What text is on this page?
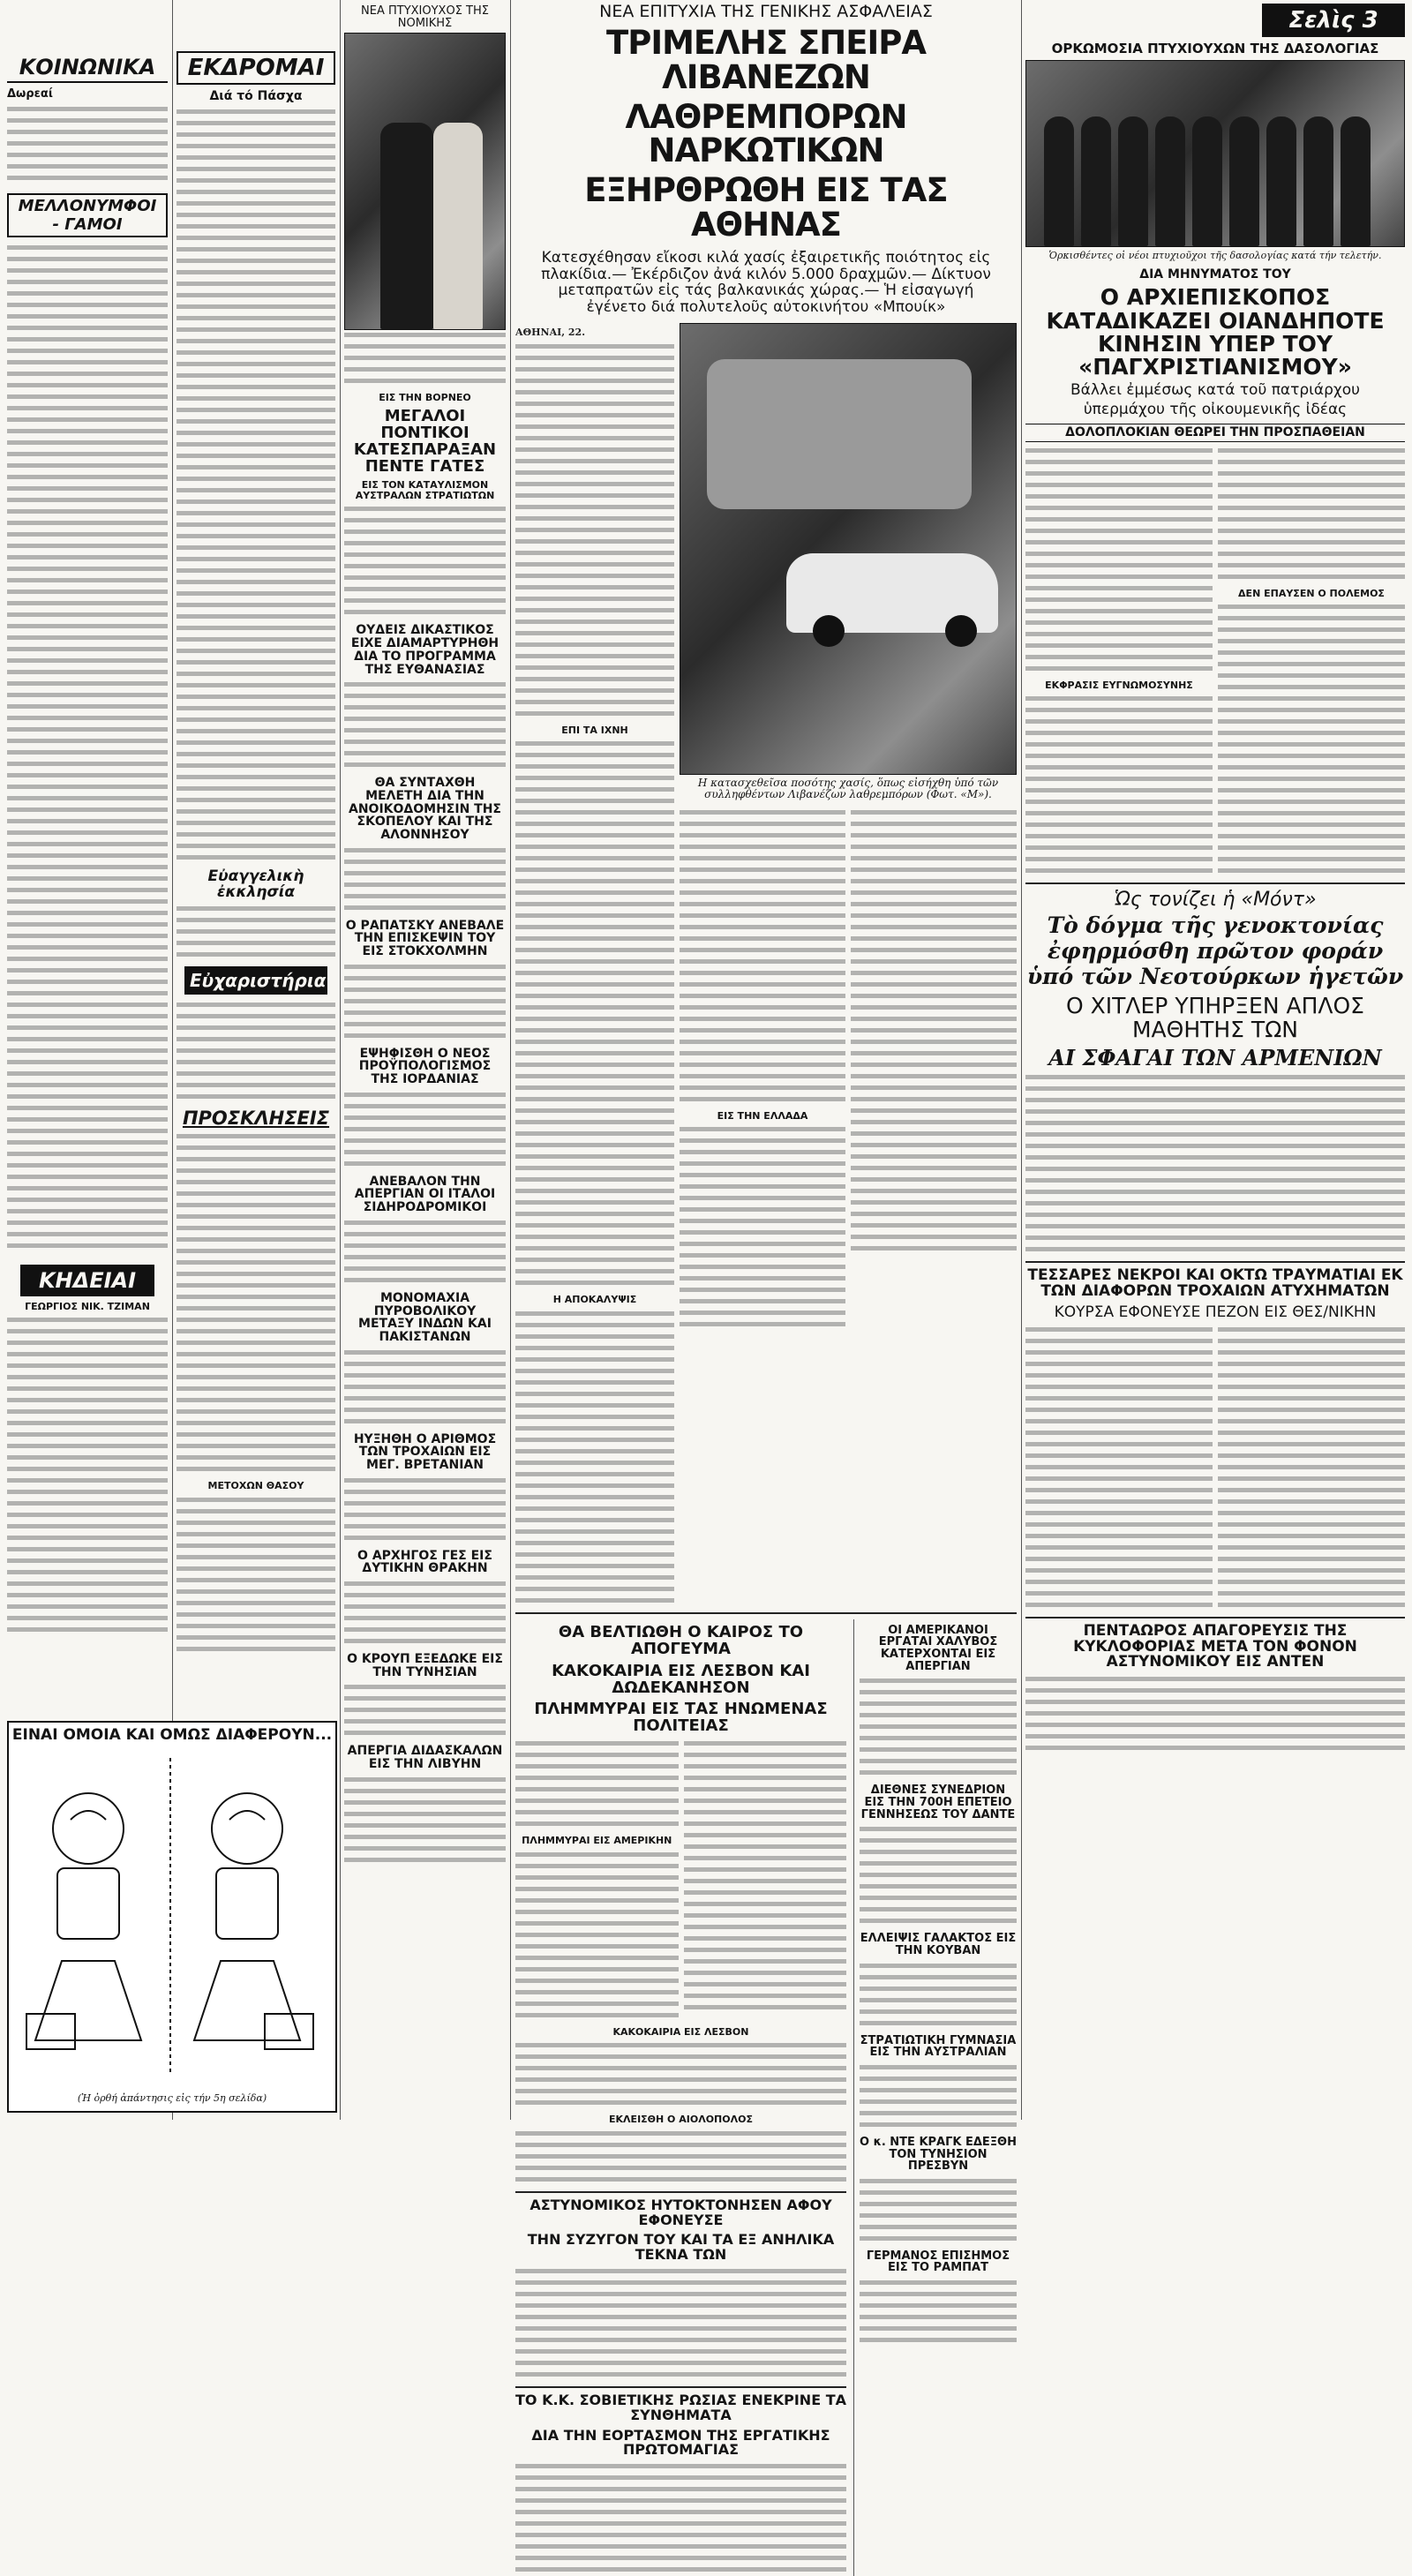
ΚΟΙΝΩΝΙΚΑ
Δωρεαί
ΜΕΛΛΟΝΥΜΦΟΙ - ΓΑΜΟΙ
ΚΗΔΕΙΑΙ
ΓΕΩΡΓΙΟΣ ΝΙΚ. ΤΖΙΜΑΝ
ΕΚΔΡΟΜΑΙ
Διά τό Πάσχα
Εὐαγγελικὴ ἐκκλησία
Εὐχαριστήρια
ΠΡΟΣΚΛΗΣΕΙΣ
ΜΕΤΟΧΩΝ ΘΑΣΟΥ
ΕΙΝΑΙ ΟΜΟΙΑ ΚΑΙ ΟΜΩΣ ΔΙΑΦΕΡΟΥΝ...
(Ἡ ὀρθή ἀπάντησις εἰς τήν 5η σελίδα)
ΝΕΑ ΠΤΥΧΙΟΥΧΟΣ ΤΗΣ ΝΟΜΙΚΗΣ
ΕΙΣ ΤΗΝ ΒΟΡΝΕΟ
ΜΕΓΑΛΟΙ ΠΟΝΤΙΚΟΙ ΚΑΤΕΣΠΑΡΑΞΑΝ ΠΕΝΤΕ ΓΑΤΕΣ
ΕΙΣ ΤΟΝ ΚΑΤΑΥΛΙΣΜΟΝ ΑΥΣΤΡΑΛΩΝ ΣΤΡΑΤΙΩΤΩΝ
ΟΥΔΕΙΣ ΔΙΚΑΣΤΙΚΟΣ ΕΙΧΕ ΔΙΑΜΑΡΤΥΡΗΘΗ ΔΙΑ ΤΟ ΠΡΟΓΡΑΜΜΑ ΤΗΣ ΕΥΘΑΝΑΣΙΑΣ
ΘΑ ΣΥΝΤΑΧΘΗ ΜΕΛΕΤΗ ΔΙΑ ΤΗΝ ΑΝΟΙΚΟΔΟΜΗΣΙΝ ΤΗΣ ΣΚΟΠΕΛΟΥ ΚΑΙ ΤΗΣ ΑΛΟΝΝΗΣΟΥ
Ο ΡΑΠΑΤΣΚΥ ΑΝΕΒΑΛΕ ΤΗΝ ΕΠΙΣΚΕΨΙΝ ΤΟΥ ΕΙΣ ΣΤΟΚΧΟΛΜΗΝ
ΕΨΗΦΙΣΘΗ Ο ΝΕΟΣ ΠΡΟΫΠΟΛΟΓΙΣΜΟΣ ΤΗΣ ΙΟΡΔΑΝΙΑΣ
ΑΝΕΒΑΛΟΝ ΤΗΝ ΑΠΕΡΓΙΑΝ ΟΙ ΙΤΑΛΟΙ ΣΙΔΗΡΟΔΡΟΜΙΚΟΙ
ΜΟΝΟΜΑΧΙΑ ΠΥΡΟΒΟΛΙΚΟΥ ΜΕΤΑΞΥ ΙΝΔΩΝ ΚΑΙ ΠΑΚΙΣΤΑΝΩΝ
ΗΥΞΗΘΗ Ο ΑΡΙΘΜΟΣ ΤΩΝ ΤΡΟΧΑΙΩΝ ΕΙΣ ΜΕΓ. ΒΡΕΤΑΝΙΑΝ
Ο ΑΡΧΗΓΟΣ ΓΕΣ ΕΙΣ ΔΥΤΙΚΗΝ ΘΡΑΚΗΝ
Ο ΚΡΟΥΠ ΕΞΕΔΩΚΕ ΕΙΣ ΤΗΝ ΤΥΝΗΣΙΑΝ
ΑΠΕΡΓΙΑ ΔΙΔΑΣΚΑΛΩΝ ΕΙΣ ΤΗΝ ΛΙΒΥΗΝ
ΝΕΑ ΕΠΙΤΥΧΙΑ ΤΗΣ ΓΕΝΙΚΗΣ ΑΣΦΑΛΕΙΑΣ
ΤΡΙΜΕΛΗΣ ΣΠΕΙΡΑ ΛΙΒΑΝΕΖΩΝ
ΛΑΘΡΕΜΠΟΡΩΝ ΝΑΡΚΩΤΙΚΩΝ
ΕΞΗΡΘΡΩΘΗ ΕΙΣ ΤΑΣ ΑΘΗΝΑΣ
Κατεσχέθησαν εἴκοσι κιλά χασίς ἐξαιρετικῆς ποιότητος εἰς πλακίδια.— Ἐκέρδιζον ἀνά κιλόν 5.000 δραχμῶν.— Δίκτυον μεταπρατῶν εἰς τάς βαλκανικάς χώρας.— Ἡ εἰσαγωγή ἐγένετο διά πολυτελοῦς αὐτοκινήτου «Μπουίκ»
ΑΘΗΝΑΙ, 22.
ΕΠΙ ΤΑ ΙΧΝΗ
Η ΑΠΟΚΑΛΥΨΙΣ
Η κατασχεθεῖσα ποσότης χασίς, ὅπως εἰσήχθη ὑπό τῶν συλληφθέντων Λιβανέζων λαθρεμπόρων (Φωτ. «Μ»).
ΕΙΣ ΤΗΝ ΕΛΛΑΔΑ
ΘΑ ΒΕΛΤΙΩΘΗ Ο ΚΑΙΡΟΣ ΤΟ ΑΠΟΓΕΥΜΑ
ΚΑΚΟΚΑΙΡΙΑ ΕΙΣ ΛΕΣΒΟΝ ΚΑΙ ΔΩΔΕΚΑΝΗΣΟΝ
ΠΛΗΜΜΥΡΑΙ ΕΙΣ ΤΑΣ ΗΝΩΜΕΝΑΣ ΠΟΛΙΤΕΙΑΣ
ΠΛΗΜΜΥΡΑΙ ΕΙΣ ΑΜΕΡΙΚΗΝ
ΚΑΚΟΚΑΙΡΙΑ ΕΙΣ ΛΕΣΒΟΝ
ΕΚΛΕΙΣΘΗ Ο ΑΙΟΛΟΠΟΛΟΣ
ΑΣΤΥΝΟΜΙΚΟΣ ΗΥΤΟΚΤΟΝΗΣΕΝ ΑΦΟΥ ΕΦΟΝΕΥΣΕ
ΤΗΝ ΣΥΖΥΓΟΝ ΤΟΥ ΚΑΙ ΤΑ ΕΞ ΑΝΗΛΙΚΑ ΤΕΚΝΑ ΤΩΝ
ΤΟ Κ.Κ. ΣΟΒΙΕΤΙΚΗΣ ΡΩΣΙΑΣ ΕΝΕΚΡΙΝΕ ΤΑ ΣΥΝΘΗΜΑΤΑ
ΔΙΑ ΤΗΝ ΕΟΡΤΑΣΜΟΝ ΤΗΣ ΕΡΓΑΤΙΚΗΣ ΠΡΩΤΟΜΑΓΙΑΣ
ΟΙ ΑΜΕΡΙΚΑΝΟΙ ΕΡΓΑΤΑΙ ΧΑΛΥΒΟΣ ΚΑΤΕΡΧΟΝΤΑΙ ΕΙΣ ΑΠΕΡΓΙΑΝ
ΔΙΕΘΝΕΣ ΣΥΝΕΔΡΙΟΝ ΕΙΣ ΤΗΝ 700Η ΕΠΕΤΕΙΟ ΓΕΝΝΗΣΕΩΣ ΤΟΥ ΔΑΝΤΕ
ΕΛΛΕΙΨΙΣ ΓΑΛΑΚΤΟΣ ΕΙΣ ΤΗΝ ΚΟΥΒΑΝ
ΣΤΡΑΤΙΩΤΙΚΗ ΓΥΜΝΑΣΙΑ ΕΙΣ ΤΗΝ ΑΥΣΤΡΑΛΙΑΝ
Ο κ. ΝΤΕ ΚΡΑΓΚ ΕΔΕΞΘΗ ΤΟΝ ΤΥΝΗΣΙΟΝ ΠΡΕΣΒΥΝ
ΓΕΡΜΑΝΟΣ ΕΠΙΣΗΜΟΣ ΕΙΣ ΤΟ ΡΑΜΠΑΤ
Σελὶς 3
ΟΡΚΩΜΟΣΙΑ ΠΤΥΧΙΟΥΧΩΝ ΤΗΣ ΔΑΣΟΛΟΓΙΑΣ
Ὁρκισθέντες οἱ νέοι πτυχιοῦχοι τῆς δασολογίας κατά τήν τελετήν.
ΔΙΑ ΜΗΝΥΜΑΤΟΣ ΤΟΥ
Ο ΑΡΧΙΕΠΙΣΚΟΠΟΣ ΚΑΤΑΔΙΚΑΖΕΙ ΟΙΑΝΔΗΠΟΤΕ ΚΙΝΗΣΙΝ ΥΠΕΡ ΤΟΥ «ΠΑΓΧΡΙΣΤΙΑΝΙΣΜΟΥ»
Βάλλει ἐμμέσως κατά τοῦ πατριάρχου
ὑπερμάχου τῆς οἰκουμενικῆς ἰδέας
ΔΟΛΟΠΛΟΚΙΑΝ ΘΕΩΡΕΙ ΤΗΝ ΠΡΟΣΠΑΘΕΙΑΝ
ΕΚΦΡΑΣΙΣ ΕΥΓΝΩΜΟΣΥΝΗΣ
ΔΕΝ ΕΠΑΥΣΕΝ Ο ΠΟΛΕΜΟΣ
Ὡς τονίζει ἡ «Μόντ»
Τὸ δόγμα τῆς γενοκτονίας ἐφηρμόσθη πρῶτον φοράν ὑπό τῶν Νεοτούρκων ἡγετῶν
Ο ΧΙΤΛΕΡ ΥΠΗΡΞΕΝ ΑΠΛΟΣ ΜΑΘΗΤΗΣ ΤΩΝ
ΑΙ ΣΦΑΓΑΙ ΤΩΝ ΑΡΜΕΝΙΩΝ
ΤΕΣΣΑΡΕΣ ΝΕΚΡΟΙ ΚΑΙ ΟΚΤΩ ΤΡΑΥΜΑΤΙΑΙ ΕΚ ΤΩΝ ΔΙΑΦΟΡΩΝ ΤΡΟΧΑΙΩΝ ΑΤΥΧΗΜΑΤΩΝ
ΚΟΥΡΣΑ ΕΦΟΝΕΥΣΕ ΠΕΖΟΝ ΕΙΣ ΘΕΣ/ΝΙΚΗΝ
ΠΕΝΤΑΩΡΟΣ ΑΠΑΓΟΡΕΥΣΙΣ ΤΗΣ ΚΥΚΛΟΦΟΡΙΑΣ ΜΕΤΑ ΤΟΝ ΦΟΝΟΝ ΑΣΤΥΝΟΜΙΚΟΥ ΕΙΣ ΑΝΤΕΝ
